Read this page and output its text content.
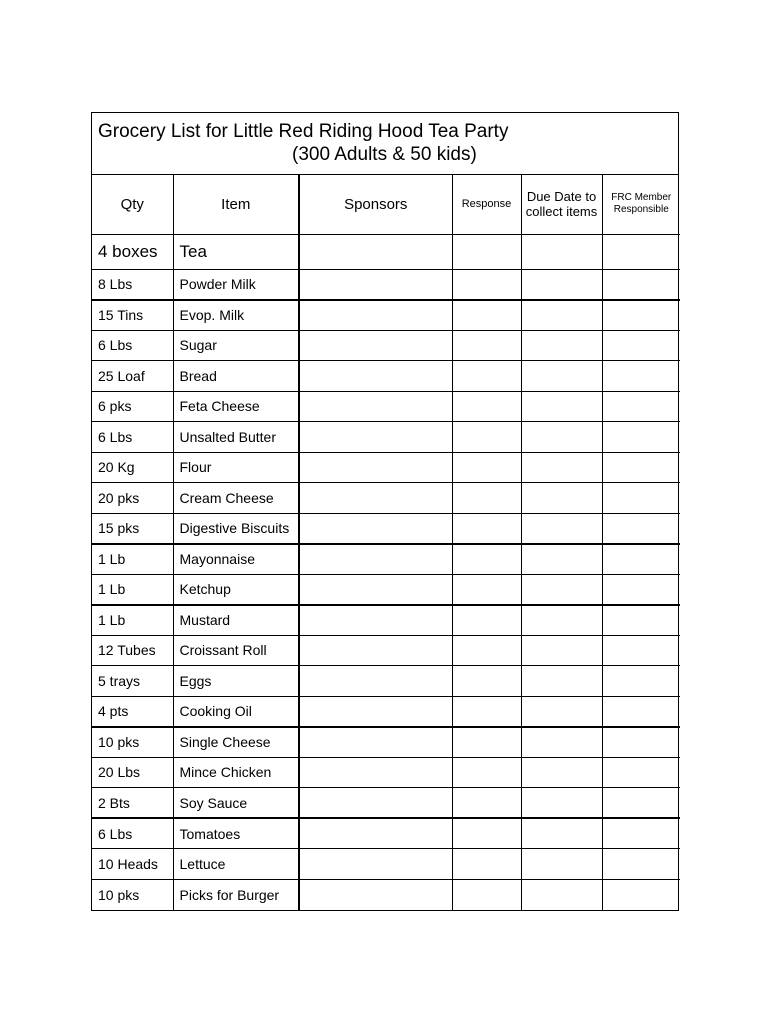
Grocery List for Little Red Riding Hood Tea Party
(300 Adults & 50 kids)
Qty	Item	Sponsors	Response	Due Date to collect items	FRC Member Responsible
4 boxes	Tea				
8 Lbs	Powder Milk				
15 Tins	Evop. Milk				
6 Lbs	Sugar				
25 Loaf	Bread				
6 pks	Feta Cheese				
6 Lbs	Unsalted Butter				
20 Kg	Flour				
20 pks	Cream Cheese				
15 pks	Digestive Biscuits				
1 Lb	Mayonnaise				
1 Lb	Ketchup				
1 Lb	Mustard				
12 Tubes	Croissant Roll				
5 trays	Eggs				
4 pts	Cooking Oil				
10 pks	Single Cheese				
20 Lbs	Mince Chicken				
2 Bts	Soy Sauce				
6 Lbs	Tomatoes				
10 Heads	Lettuce				
10 pks	Picks for Burger				
